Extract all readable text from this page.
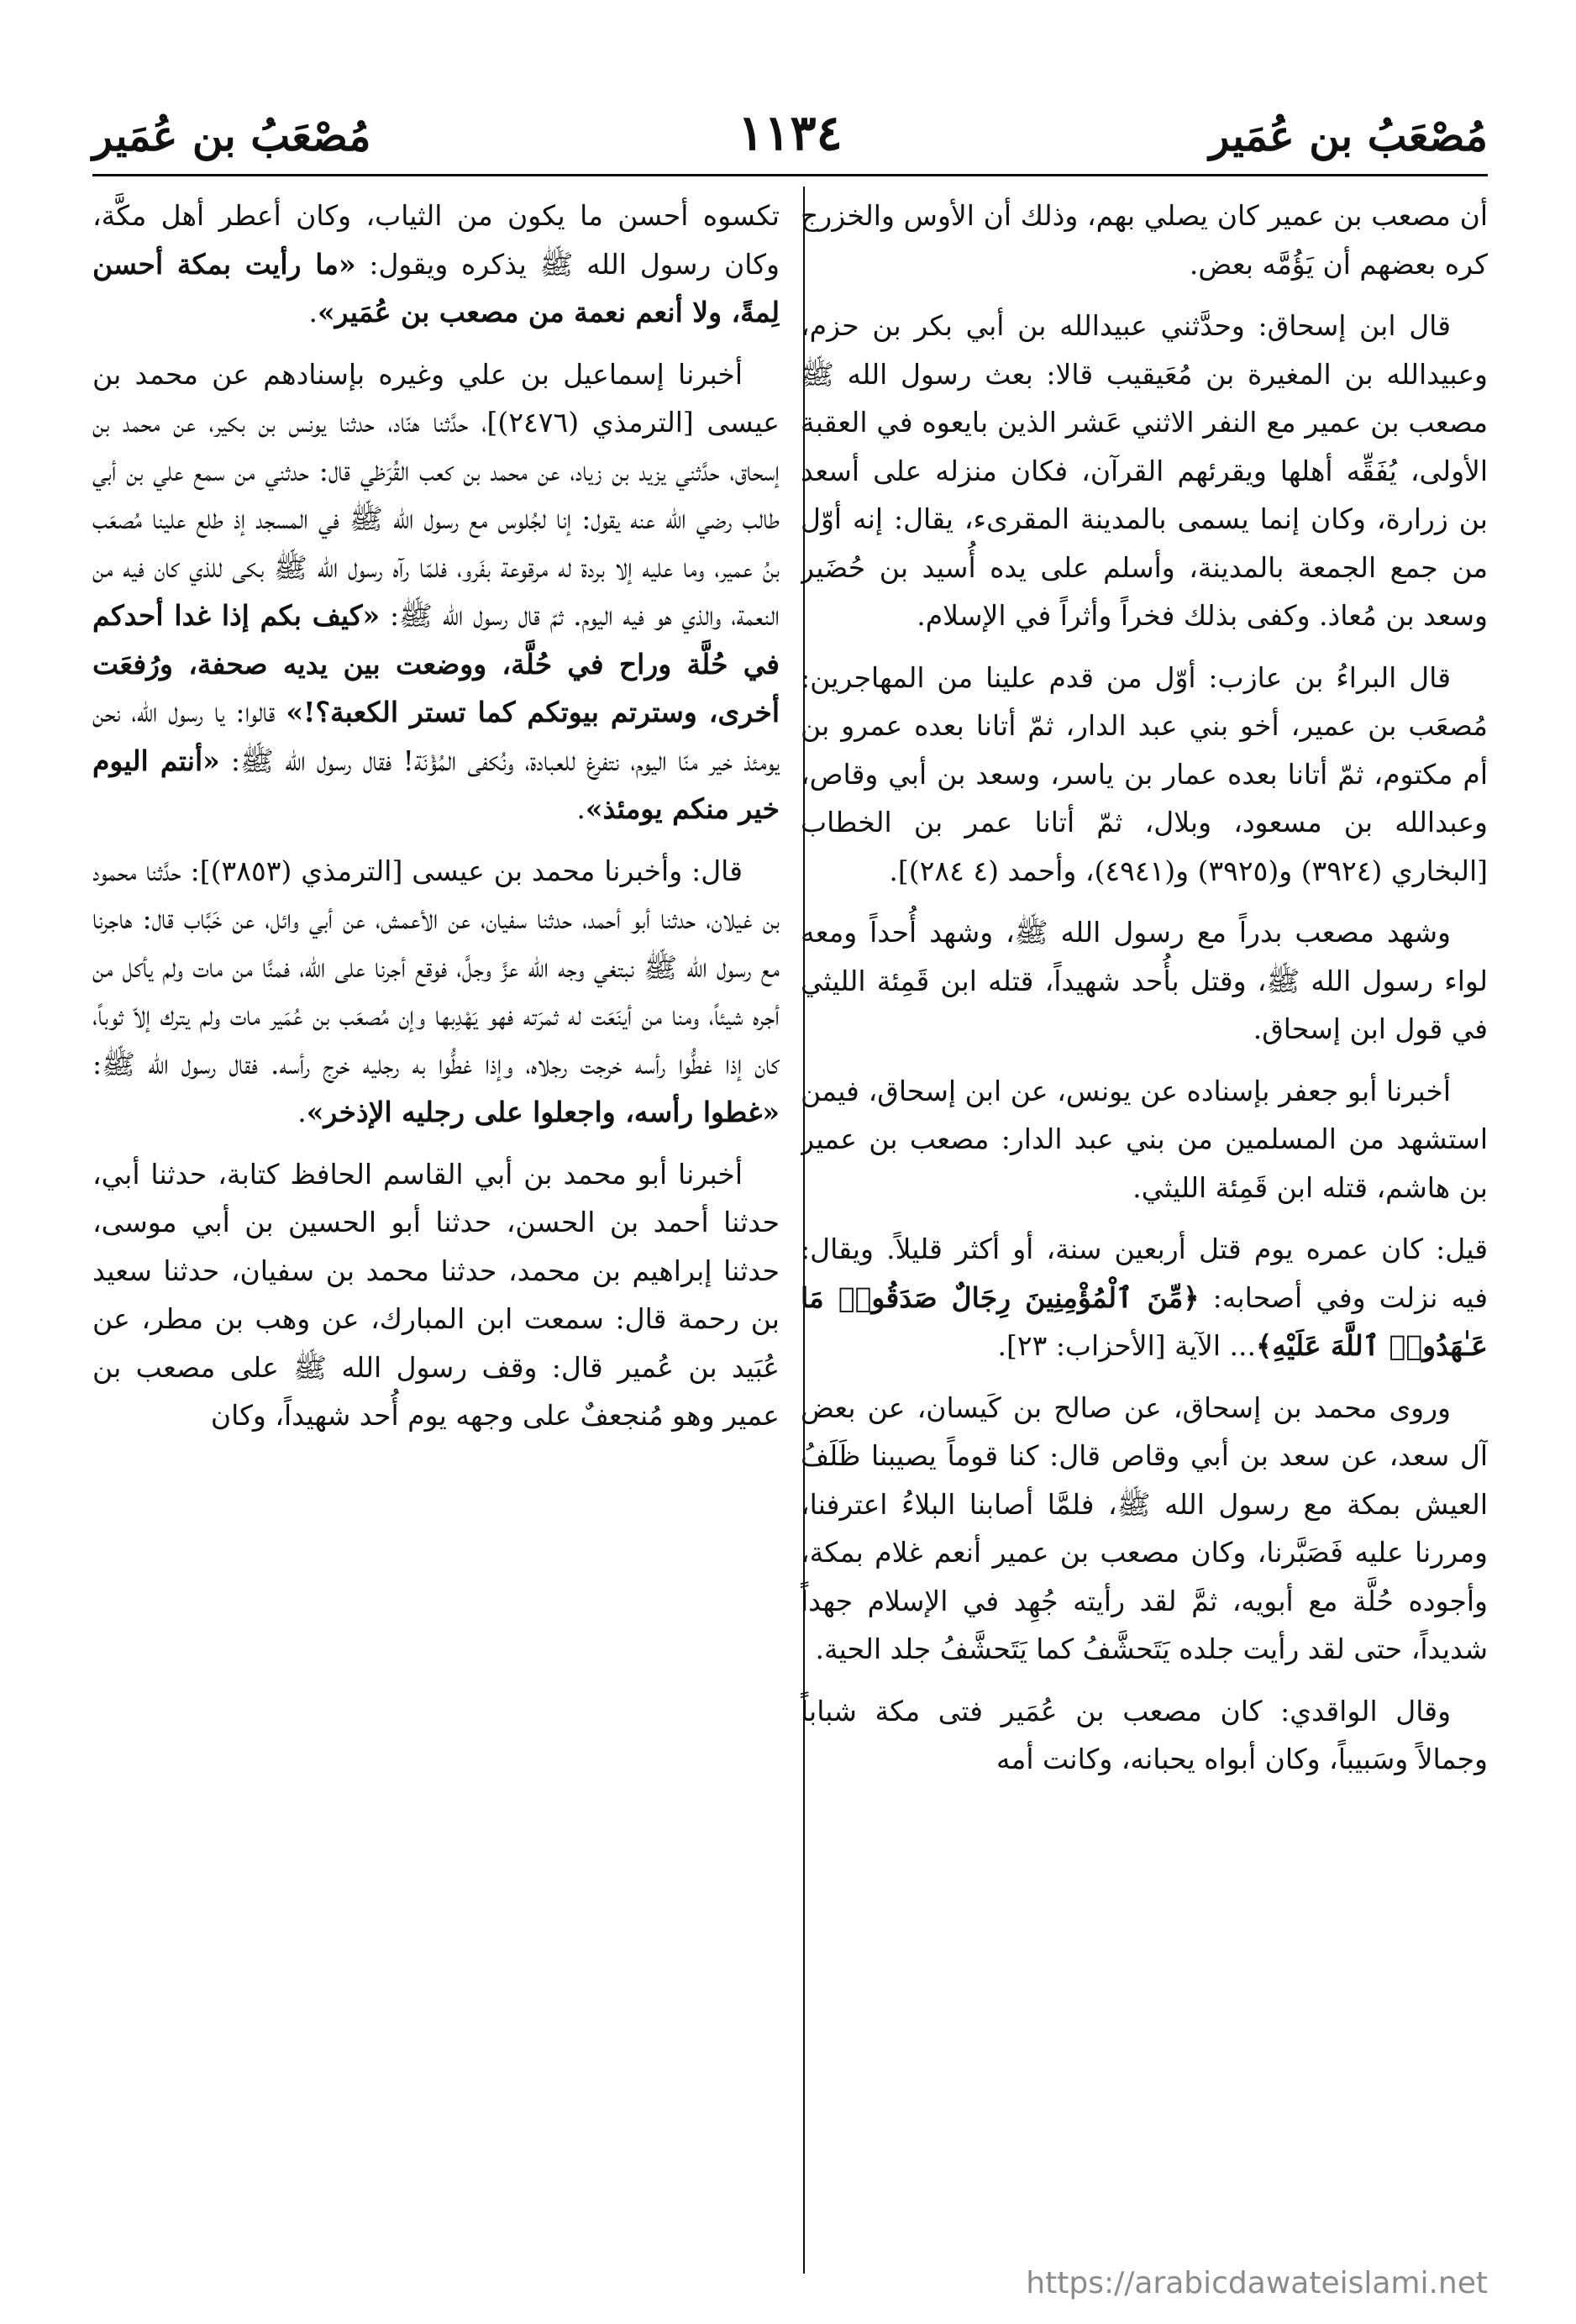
مُصْعَبُ بن عُمَير
١١٣٤
مُصْعَبُ بن عُمَير

أن مصعب بن عمير كان يصلي بهم، وذلك أن الأوس والخزرج كره بعضهم أن يَؤُمَّه بعض.

قال ابن إسحاق: وحدَّثني عبيدالله بن أبي بكر بن حزم، وعبيدالله بن المغيرة بن مُعَيقيب قالا: بعث رسول الله ﷺ مصعب بن عمير مع النفر الاثني عَشر الذين بايعوه في العقبة الأولى، يُفَقِّه أهلها ويقرئهم القرآن، فكان منزله على أسعد بن زرارة، وكان إنما يسمى بالمدينة المقرىء، يقال: إنه أوّل من جمع الجمعة بالمدينة، وأسلم على يده أُسيد بن حُضَير وسعد بن مُعاذ. وكفى بذلك فخراً وأثراً في الإسلام.

قال البراءُ بن عازب: أوّل من قدم علينا من المهاجرين: مُصعَب بن عمير، أخو بني عبد الدار، ثمّ أتانا بعده عمرو بن أم مكتوم، ثمّ أتانا بعده عمار بن ياسر، وسعد بن أبي وقاص، وعبدالله بن مسعود، وبلال، ثمّ أتانا عمر بن الخطاب [البخاري (٣٩٢٤) و(٣٩٢٥) و(٤٩٤١)، وأحمد (٤ ٢٨٤)].

وشهد مصعب بدراً مع رسول الله ﷺ، وشهد أُحداً ومعه لواء رسول الله ﷺ، وقتل بأُحد شهيداً، قتله ابن قَمِئة الليثي في قول ابن إسحاق.

أخبرنا أبو جعفر بإسناده عن يونس، عن ابن إسحاق، فيمن استشهد من المسلمين من بني عبد الدار: مصعب بن عمير بن هاشم، قتله ابن قَمِئة الليثي.

قيل: كان عمره يوم قتل أربعين سنة، أو أكثر قليلاً. ويقال: فيه نزلت وفي أصحابه: ﴿مِّنَ ٱلْمُؤْمِنِينَ رِجَالٌ صَدَقُوا۟ مَا عَـٰهَدُوا۟ ٱللَّهَ عَلَيْهِ﴾... الآية [الأحزاب: ٢٣].

وروى محمد بن إسحاق، عن صالح بن كَيسان، عن بعض آل سعد، عن سعد بن أبي وقاص قال: كنا قوماً يصيبنا ظَلَفُ العيش بمكة مع رسول الله ﷺ، فلمَّا أصابنا البلاءُ اعترفنا، ومررنا عليه فَصَبَّرنا، وكان مصعب بن عمير أنعم غلام بمكة، وأجوده حُلَّة مع أبويه، ثمَّ لقد رأيته جُهِد في الإسلام جهداً شديداً، حتى لقد رأيت جلده يَتَحشَّفُ كما يَتَحشَّفُ جلد الحية.

وقال الواقدي: كان مصعب بن عُمَير فتى مكة شباباً وجمالاً وسَبيباً، وكان أبواه يحبانه، وكانت أمه

تكسوه أحسن ما يكون من الثياب، وكان أعطر أهل مكَّة، وكان رسول الله ﷺ يذكره ويقول: «ما رأيت بمكة أحسن لِمةً، ولا أنعم نعمة من مصعب بن عُمَير».

أخبرنا إسماعيل بن علي وغيره بإسنادهم عن محمد بن عيسى [الترمذي (٢٤٧٦)]، حدَّثنا هنّاد، حدثنا يونس بن بكير، عن محمد بن إسحاق، حدَّثني يزيد بن زياد، عن محمد بن كعب القُرَظي قال: حدثني من سمع علي بن أبي طالب رضي الله عنه يقول: إنا لجُلوس مع رسول الله ﷺ في المسجد إذ طلع علينا مُصعَب بنُ عمير، وما عليه إلا بردة له مرقوعة بفَرو، فلمّا رآه رسول الله ﷺ بكى للذي كان فيه من النعمة، والذي هو فيه اليوم. ثمّ قال رسول الله ﷺ: «كيف بكم إذا غدا أحدكم في حُلَّة وراح في حُلَّة، ووضعت بين يديه صحفة، ورُفعَت أخرى، وسترتم بيوتكم كما تستر الكعبة؟!» قالوا: يا رسول الله، نحن يومئذ خير منّا اليوم، نتفرغ للعبادة، ونُكفى المُؤْنَة! فقال رسول الله ﷺ: «أنتم اليوم خير منكم يومئذ».

قال: وأخبرنا محمد بن عيسى [الترمذي (٣٨٥٣)]: حدَّثنا محمود بن غيلان، حدثنا أبو أحمد، حدثنا سفيان، عن الأعمش، عن أبي وائل، عن خَبَّاب قال: هاجرنا مع رسول الله ﷺ نبتغي وجه الله عزَّ وجلَّ، فوقع أجرنا على الله، فمنَّا من مات ولم يأكل من أجره شيئاً، ومنا من أينَعَت له ثمرَته فهو يَهْدِبها وإن مُصعَب بن عُمَير مات ولم يترك إلاّ ثوباً، كان إذا غطُّوا رأسه خرجت رجلاه، وإذا غطُّوا به رجليه خرج رأسه. فقال رسول الله ﷺ: «غطوا رأسه، واجعلوا على رجليه الإذخر».

أخبرنا أبو محمد بن أبي القاسم الحافظ كتابة، حدثنا أبي، حدثنا أحمد بن الحسن، حدثنا أبو الحسين بن أبي موسى، حدثنا إبراهيم بن محمد، حدثنا محمد بن سفيان، حدثنا سعيد بن رحمة قال: سمعت ابن المبارك، عن وهب بن مطر، عن عُبَيد بن عُمير قال: وقف رسول الله ﷺ على مصعب بن عمير وهو مُنجعفٌ على وجهه يوم أُحد شهيداً، وكان

https://arabicdawateislami.net
